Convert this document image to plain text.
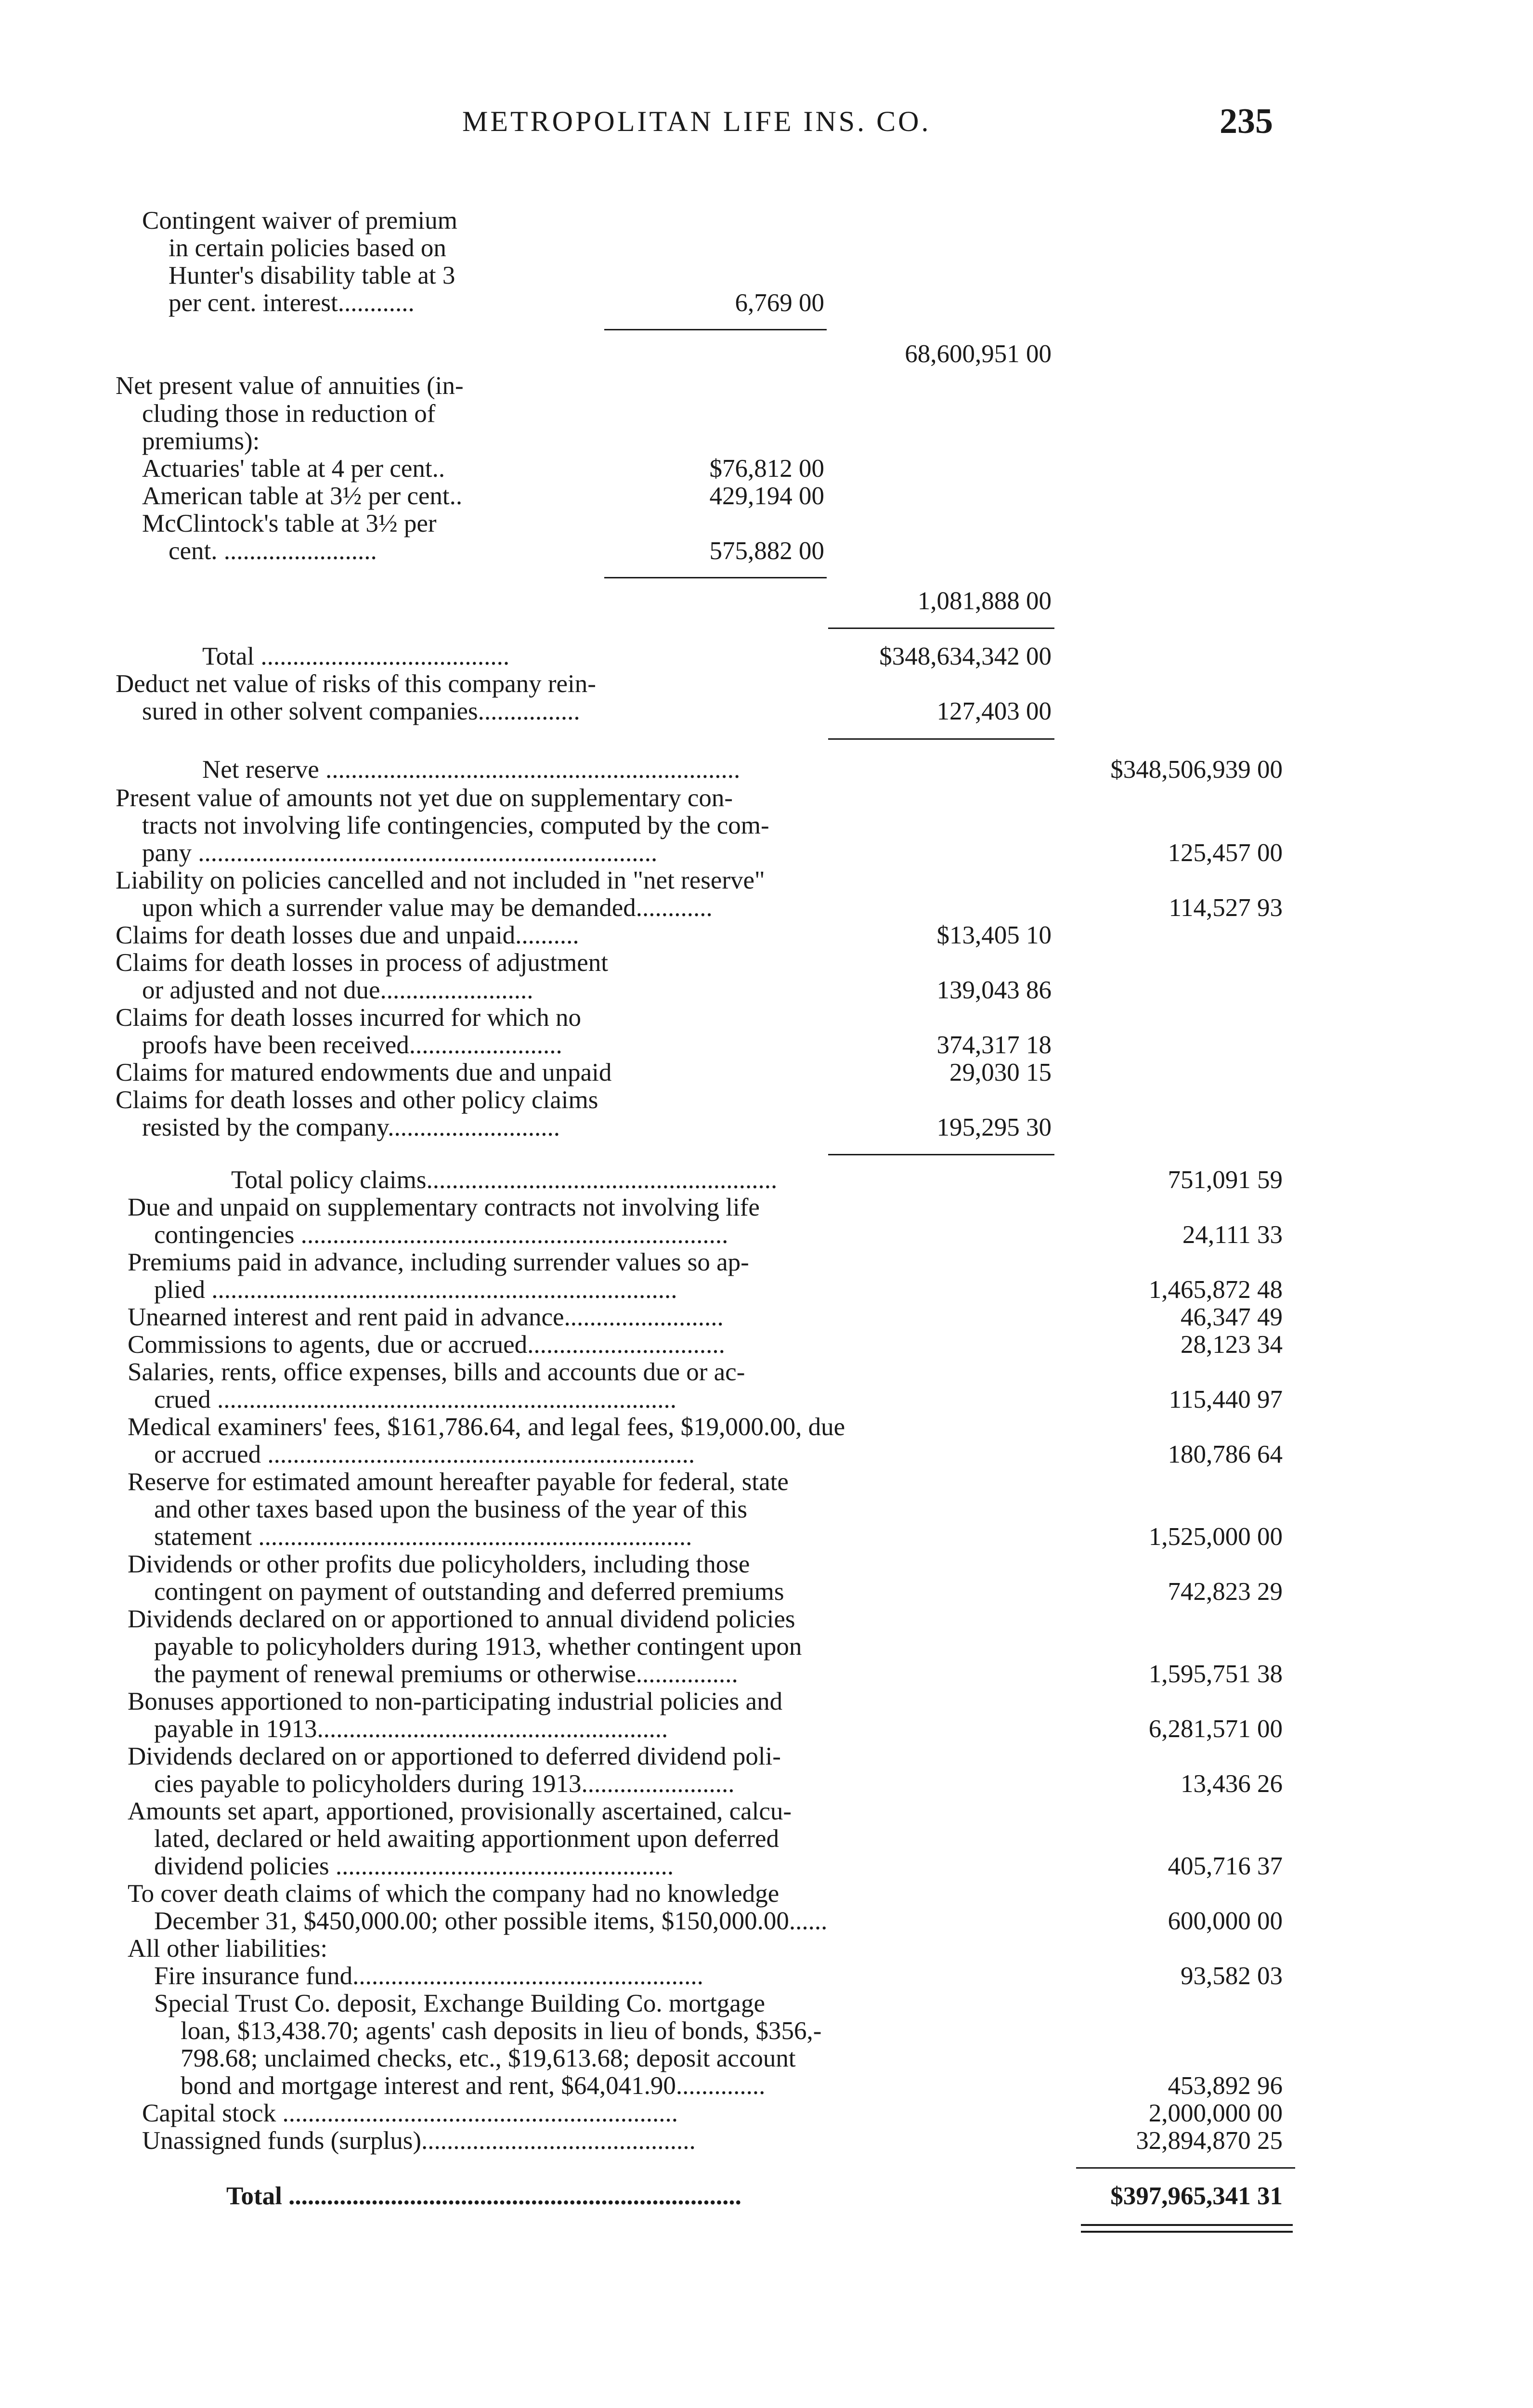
METROPOLITAN LIFE INS. CO.	235
Contingent waiver of premium
in certain policies based on
Hunter's disability table at 3
per cent. interest............	6,769 00
68,600,951 00
Net present value of annuities (in-
cluding those in reduction of
premiums):
Actuaries' table at 4 per cent..	$76,812 00
American table at 3½ per cent..	429,194 00
McClintock's table at 3½ per
cent. ........................	575,882 00
1,081,888 00
Total .......................................	$348,634,342 00
Deduct net value of risks of this company rein-
sured in other solvent companies................	127,403 00
Net reserve .................................................................	$348,506,939 00
Present value of amounts not yet due on supplementary con-
tracts not involving life contingencies, computed by the com-
pany ........................................................................	125,457 00
Liability on policies cancelled and not included in "net reserve"
upon which a surrender value may be demanded............	114,527 93
Claims for death losses due and unpaid..........	$13,405 10
Claims for death losses in process of adjustment
or adjusted and not due........................	139,043 86
Claims for death losses incurred for which no
proofs have been received........................	374,317 18
Claims for matured endowments due and unpaid	29,030 15
Claims for death losses and other policy claims
resisted by the company...........................	195,295 30
Total policy claims.......................................................	751,091 59
Due and unpaid on supplementary contracts not involving life
contingencies ...................................................................	24,111 33
Premiums paid in advance, including surrender values so ap-
plied .........................................................................	1,465,872 48
Unearned interest and rent paid in advance.........................	46,347 49
Commissions to agents, due or accrued...............................	28,123 34
Salaries, rents, office expenses, bills and accounts due or ac-
crued ........................................................................	115,440 97
Medical examiners' fees, $161,786.64, and legal fees, $19,000.00, due
or accrued ...................................................................	180,786 64
Reserve for estimated amount hereafter payable for federal, state
and other taxes based upon the business of the year of this
statement ....................................................................	1,525,000 00
Dividends or other profits due policyholders, including those
contingent on payment of outstanding and deferred premiums	742,823 29
Dividends declared on or apportioned to annual dividend policies
payable to policyholders during 1913, whether contingent upon
the payment of renewal premiums or otherwise................	1,595,751 38
Bonuses apportioned to non-participating industrial policies and
payable in 1913.......................................................	6,281,571 00
Dividends declared on or apportioned to deferred dividend poli-
cies payable to policyholders during 1913........................	13,436 26
Amounts set apart, apportioned, provisionally ascertained, calcu-
lated, declared or held awaiting apportionment upon deferred
dividend policies .....................................................	405,716 37
To cover death claims of which the company had no knowledge
December 31, $450,000.00; other possible items, $150,000.00......	600,000 00
All other liabilities:
Fire insurance fund.......................................................	93,582 03
Special Trust Co. deposit, Exchange Building Co. mortgage
loan, $13,438.70; agents' cash deposits in lieu of bonds, $356,-
798.68; unclaimed checks, etc., $19,613.68; deposit account
bond and mortgage interest and rent, $64,041.90..............	453,892 96
Capital stock ..............................................................	2,000,000 00
Unassigned funds (surplus)...........................................	32,894,870 25
Total .......................................................................	$397,965,341 31
